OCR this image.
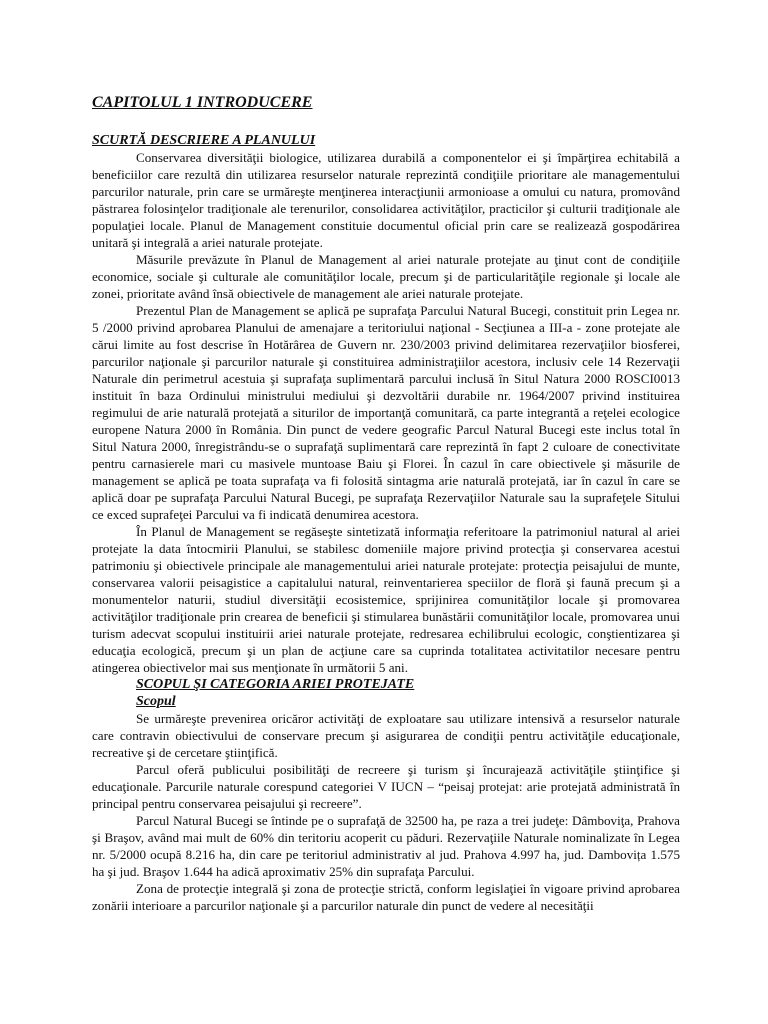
CAPITOLUL 1 INTRODUCERE
SCURTĂ DESCRIERE A PLANULUI

Conservarea diversităţii biologice, utilizarea durabilă a componentelor ei şi împărţirea echitabilă a beneficiilor care rezultă din utilizarea resurselor naturale reprezintă condiţiile prioritare ale managementului parcurilor naturale, prin care se urmăreşte menţinerea interacţiunii armonioase a omului cu natura, promovând păstrarea folosinţelor tradiţionale ale terenurilor, consolidarea activităţilor, practicilor şi culturii tradiţionale ale populaţiei locale. Planul de Management constituie documentul oficial prin care se realizează gospodărirea unitară şi integrală a ariei naturale protejate.

Măsurile prevăzute în Planul de Management al ariei naturale protejate au ţinut cont de condiţiile economice, sociale şi culturale ale comunităţilor locale, precum şi de particularităţile regionale şi locale ale zonei, prioritate având însă obiectivele de management ale ariei naturale protejate.

Prezentul Plan de Management se aplică pe suprafaţa Parcului Natural Bucegi, constituit prin Legea nr. 5 /2000 privind aprobarea Planului de amenajare a teritoriului naţional - Secţiunea a III-a - zone protejate ale cărui limite au fost descrise în Hotărârea de Guvern nr. 230/2003 privind delimitarea rezervaţiilor biosferei, parcurilor naţionale şi parcurilor naturale şi constituirea administraţiilor acestora, inclusiv cele 14 Rezervaţii Naturale din perimetrul acestuia şi suprafaţa suplimentară parcului inclusă în Situl Natura 2000 ROSCI0013 instituit în baza Ordinului ministrului mediului şi dezvoltării durabile nr. 1964/2007 privind instituirea regimului de arie naturală protejată a siturilor de importanţă comunitară, ca parte integrantă a reţelei ecologice europene Natura 2000 în România. Din punct de vedere geografic Parcul Natural Bucegi este inclus total în Situl Natura 2000, înregistrându-se o suprafaţă suplimentară care reprezintă în fapt 2 culoare de conectivitate pentru carnasierele mari cu masivele muntoase Baiu şi Florei. În cazul în care obiectivele şi măsurile de management se aplică pe toata suprafaţa va fi folosită sintagma arie naturală protejată, iar în cazul în care se aplică doar pe suprafaţa Parcului Natural Bucegi, pe suprafaţa Rezervaţiilor Naturale sau la suprafeţele Sitului ce exced suprafeţei Parcului va fi indicată denumirea acestora.

În Planul de Management se regăseşte sintetizată informaţia referitoare la patrimoniul natural al ariei protejate la data întocmirii Planului, se stabilesc domeniile majore privind protecţia şi conservarea acestui patrimoniu şi obiectivele principale ale managementului ariei naturale protejate: protecţia peisajului de munte, conservarea valorii peisagistice a capitalului natural, reinventarierea speciilor de floră şi faună precum şi a monumentelor naturii, studiul diversităţii ecosistemice, sprijinirea comunităţilor locale şi promovarea activităţilor tradiţionale prin crearea de beneficii şi stimularea bunăstării comunităţilor locale, promovarea unui turism adecvat scopului instituirii ariei naturale protejate, redresarea echilibrului ecologic, conştientizarea şi educaţia ecologică, precum şi un plan de acţiune care sa cuprinda totalitatea activitatilor necesare pentru atingerea obiectivelor mai sus menţionate în următorii 5 ani.

SCOPUL ŞI CATEGORIA ARIEI PROTEJATE
Scopul

Se urmăreşte prevenirea oricăror activităţi de exploatare sau utilizare intensivă a resurselor naturale care contravin obiectivului de conservare precum şi asigurarea de condiţii pentru activităţile educaţionale, recreative şi de cercetare ştiinţifică.

Parcul oferă publicului posibilităţi de recreere şi turism şi încurajează activităţile ştiinţifice şi educaţionale. Parcurile naturale corespund categoriei V IUCN – “peisaj protejat: arie protejată administrată în principal pentru conservarea peisajului şi recreere”.

Parcul Natural Bucegi se întinde pe o suprafaţă de 32500 ha, pe raza a trei judeţe: Dâmboviţa, Prahova şi Braşov, având mai mult de 60% din teritoriu acoperit cu păduri. Rezervaţiile Naturale nominalizate în Legea nr. 5/2000 ocupă 8.216 ha, din care pe teritoriul administrativ al jud. Prahova 4.997 ha, jud. Dambovița 1.575 ha şi jud. Braşov 1.644 ha adică aproximativ 25% din suprafaţa Parcului.

Zona de protecţie integrală şi zona de protecţie strictă, conform legislaţiei în vigoare privind aprobarea zonării interioare a parcurilor naţionale şi a parcurilor naturale din punct de vedere al necesităţii
